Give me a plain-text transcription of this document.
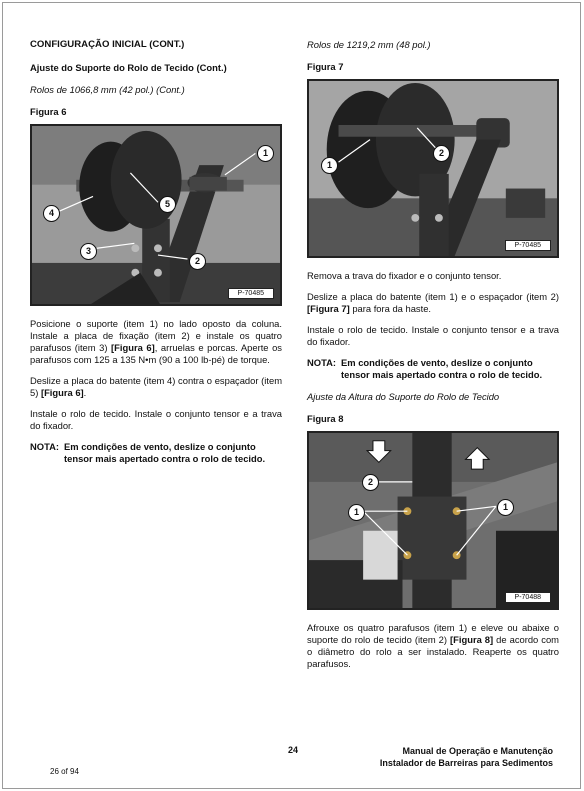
CONFIGURAÇÃO INICIAL (CONT.)
Ajuste do Suporte do Rolo de Tecido (Cont.)
Rolos de 1066,8 mm (42 pol.) (Cont.)
Figura 6
1
5
4
3
2
P-70485
Posicione o suporte (item 1) no lado oposto da coluna. Instale a placa de fixação (item 2) e instale os quatro parafusos (item 3) [Figura 6], arruelas e porcas. Aperte os parafusos com 125 a 135 N•m (90 a 100 lb-pé) de torque.
Deslize a placa do batente (item 4) contra o espaçador (item 5) [Figura 6].
Instale o rolo de tecido. Instale o conjunto tensor e a trava do fixador.
NOTA: Em condições de vento, deslize o conjunto tensor mais apertado contra o rolo de tecido.
Rolos de 1219,2 mm (48 pol.)
Figura 7
1
2
P-70485
Remova a trava do fixador e o conjunto tensor.
Deslize a placa do batente (item 1) e o espaçador (item 2) [Figura 7] para fora da haste.
Instale o rolo de tecido. Instale o conjunto tensor e a trava do fixador.
NOTA: Em condições de vento, deslize o conjunto tensor mais apertado contra o rolo de tecido.
Ajuste da Altura do Suporte do Rolo de Tecido
Figura 8
2
1	1
P-70488
Afrouxe os quatro parafusos (item 1) e eleve ou abaixe o suporte do rolo de tecido (item 2) [Figura 8] de acordo com o diâmetro do rolo a ser instalado. Reaperte os quatro parafusos.
24	Manual de Operação e Manutenção
Instalador de Barreiras para Sedimentos
26 of 94
